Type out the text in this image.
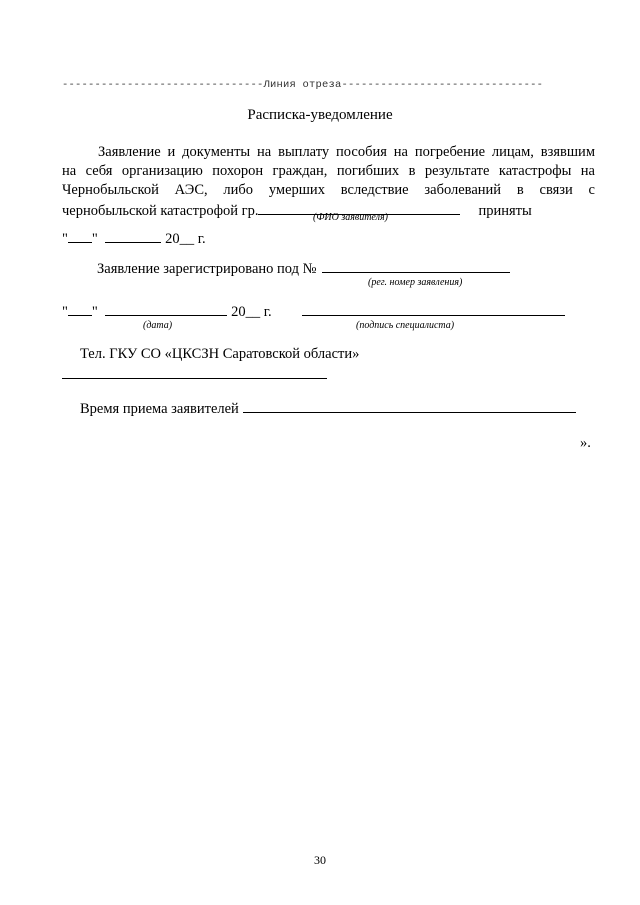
-------------------------------Линия отреза-------------------------------
Расписка-уведомление
Заявление и документы на выплату пособия на погребение лицам, взявшим
на себя организацию похорон граждан, погибших в результате катастрофы на
Чернобыльской АЭС, либо умерших вследствие заболеваний в связи с
чернобыльской катастрофой гр.	приняты
(ФИО заявителя)
" "	20__ г.
Заявление зарегистрировано под №
(рег. номер заявления)
" "	20__ г.
(дата)	(подпись специалиста)
Тел. ГКУ СО «ЦКСЗН Саратовской области»
Время приема заявителей
».
30
